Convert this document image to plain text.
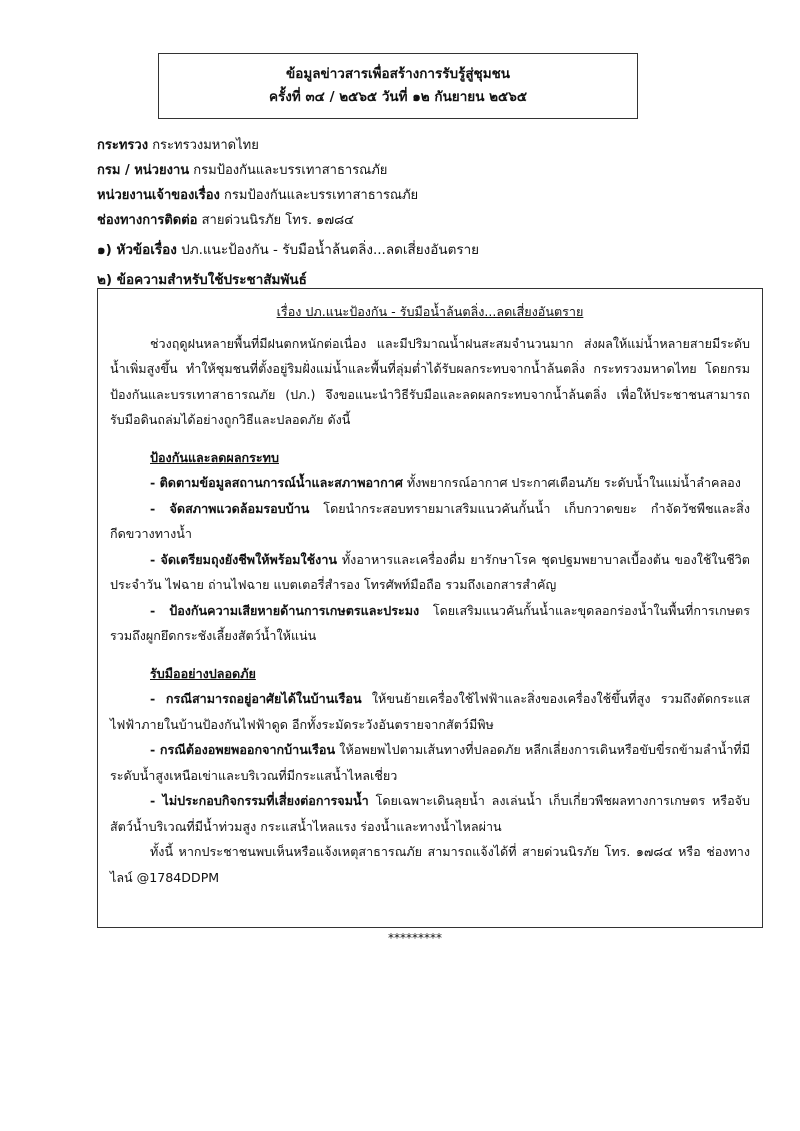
ข้อมูลข่าวสารเพื่อสร้างการรับรู้สู่ชุมชน
ครั้งที่ ๓๔ / ๒๕๖๕ วันที่ ๑๒ กันยายน ๒๕๖๕
กระทรวง กระทรวงมหาดไทย
กรม / หน่วยงาน กรมป้องกันและบรรเทาสาธารณภัย
หน่วยงานเจ้าของเรื่อง กรมป้องกันและบรรเทาสาธารณภัย
ช่องทางการติดต่อ สายด่วนนิรภัย โทร. ๑๗๘๔
๑) หัวข้อเรื่อง ปภ.แนะป้องกัน - รับมือน้ำล้นตลิ่ง...ลดเสี่ยงอันตราย
๒) ข้อความสำหรับใช้ประชาสัมพันธ์

เรื่อง ปภ.แนะป้องกัน - รับมือน้ำล้นตลิ่ง...ลดเสี่ยงอันตราย

ช่วงฤดูฝนหลายพื้นที่มีฝนตกหนักต่อเนื่อง และมีปริมาณน้ำฝนสะสมจำนวนมาก ส่งผลให้แม่น้ำหลายสายมีระดับน้ำเพิ่มสูงขึ้น ทำให้ชุมชนที่ตั้งอยู่ริมฝั่งแม่น้ำและพื้นที่ลุ่มต่ำได้รับผลกระทบจากน้ำล้นตลิ่ง กระทรวงมหาดไทย โดยกรมป้องกันและบรรเทาสาธารณภัย (ปภ.) จึงขอแนะนำวิธีรับมือและลดผลกระทบจากน้ำล้นตลิ่ง เพื่อให้ประชาชนสามารถรับมือดินถล่มได้อย่างถูกวิธีและปลอดภัย ดังนี้

ป้องกันและลดผลกระทบ

- ติดตามข้อมูลสถานการณ์น้ำและสภาพอากาศ ทั้งพยากรณ์อากาศ ประกาศเตือนภัย ระดับน้ำในแม่น้ำลำคลอง

- จัดสภาพแวดล้อมรอบบ้าน โดยนำกระสอบทรายมาเสริมแนวคันกั้นน้ำ เก็บกวาดขยะ กำจัดวัชพืชและสิ่งกีดขวางทางน้ำ

- จัดเตรียมถุงยังชีพให้พร้อมใช้งาน ทั้งอาหารและเครื่องดื่ม ยารักษาโรค ชุดปฐมพยาบาลเบื้องต้น ของใช้ในชีวิตประจำวัน ไฟฉาย ถ่านไฟฉาย แบตเตอรี่สำรอง โทรศัพท์มือถือ รวมถึงเอกสารสำคัญ

- ป้องกันความเสียหายด้านการเกษตรและประมง โดยเสริมแนวคันกั้นน้ำและขุดลอกร่องน้ำในพื้นที่การเกษตร รวมถึงผูกยึดกระชังเลี้ยงสัตว์น้ำให้แน่น

รับมืออย่างปลอดภัย

- กรณีสามารถอยู่อาศัยได้ในบ้านเรือน ให้ขนย้ายเครื่องใช้ไฟฟ้าและสิ่งของเครื่องใช้ขึ้นที่สูง รวมถึงตัดกระแสไฟฟ้าภายในบ้านป้องกันไฟฟ้าดูด อีกทั้งระมัดระวังอันตรายจากสัตว์มีพิษ

- กรณีต้องอพยพออกจากบ้านเรือน ให้อพยพไปตามเส้นทางที่ปลอดภัย หลีกเลี่ยงการเดินหรือขับขี่รถข้ามลำน้ำที่มีระดับน้ำสูงเหนือเข่าและบริเวณที่มีกระแสน้ำไหลเชี่ยว

- ไม่ประกอบกิจกรรมที่เสี่ยงต่อการจมน้ำ โดยเฉพาะเดินลุยน้ำ ลงเล่นน้ำ เก็บเกี่ยวพืชผลทางการเกษตร หรือจับสัตว์น้ำบริเวณที่มีน้ำท่วมสูง กระแสน้ำไหลแรง ร่องน้ำและทางน้ำไหลผ่าน

ทั้งนี้ หากประชาชนพบเห็นหรือแจ้งเหตุสาธารณภัย สามารถแจ้งได้ที่ สายด่วนนิรภัย โทร. ๑๗๘๔ หรือ ช่องทางไลน์ @1784DDPM

*********
